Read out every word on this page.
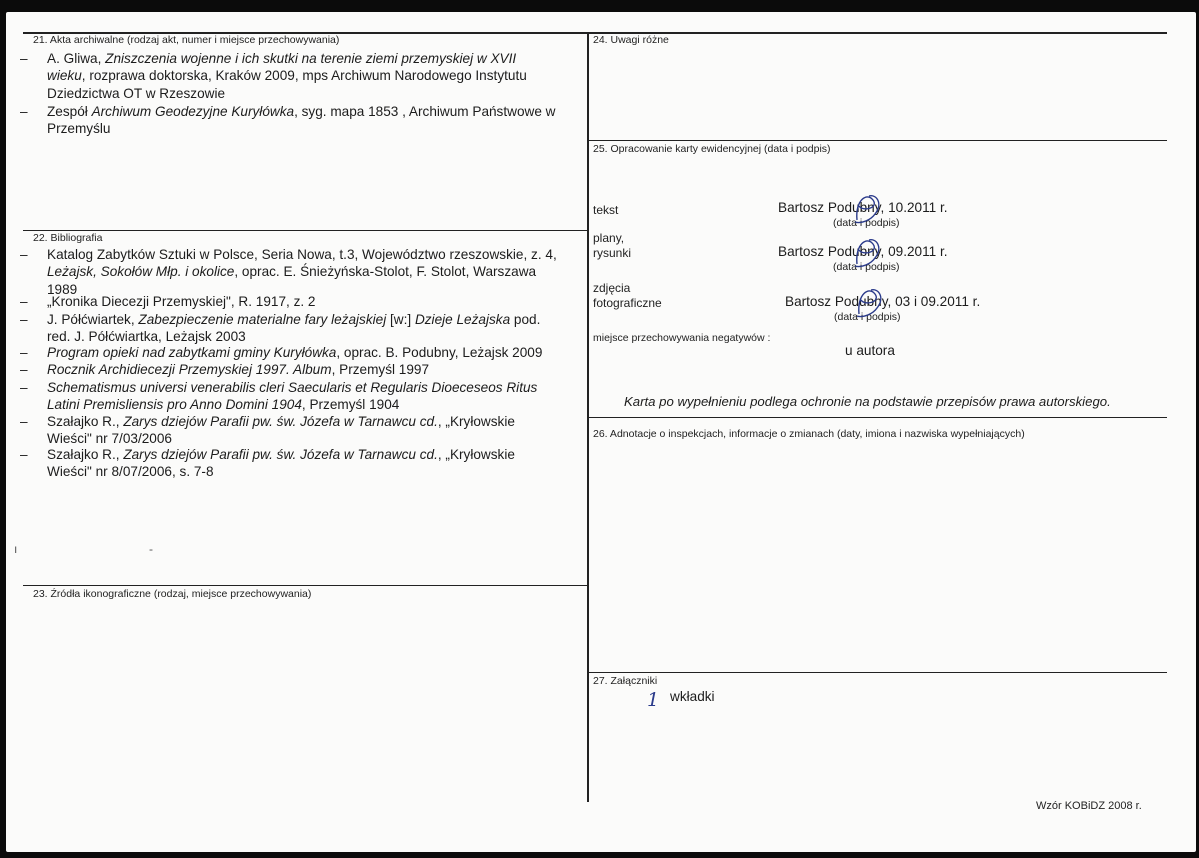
21. Akta archiwalne (rodzaj akt, numer i miejsce przechowywania)
– A. Gliwa, Zniszczenia wojenne i ich skutki na terenie ziemi przemyskiej w XVII

wieku, rozprawa doktorska, Kraków 2009, mps Archiwum Narodowego Instytutu

Dziedzictwa OT w Rzeszowie

– Zespół Archiwum Geodezyjne Kuryłówka, syg. mapa 1853 , Archiwum Państwowe w

Przemyślu

22. Bibliografia
– Katalog Zabytków Sztuki w Polsce, Seria Nowa, t.3, Województwo rzeszowskie, z. 4,

Leżajsk, Sokołów Młp. i okolice, oprac. E. Śnieżyńska-Stolot, F. Stolot, Warszawa

1989

– „Kronika Diecezji Przemyskiej", R. 1917, z. 2

– J. Półćwiartek, Zabezpieczenie materialne fary leżajskiej [w:] Dzieje Leżajska pod.

red. J. Półćwiartka, Leżajsk 2003

– Program opieki nad zabytkami gminy Kuryłówka, oprac. B. Podubny, Leżajsk 2009

– Rocznik Archidiecezji Przemyskiej 1997. Album, Przemyśl 1997

– Schematismus universi venerabilis cleri Saecularis et Regularis Dioeceseos Ritus

Latini Premisliensis pro Anno Domini 1904, Przemyśl 1904

– Szałajko R., Zarys dziejów Parafii pw. św. Józefa w Tarnawcu cd., „Kryłowskie

Wieści" nr 7/03/2006

– Szałajko R., Zarys dziejów Parafii pw. św. Józefa w Tarnawcu cd., „Kryłowskie

Wieści" nr 8/07/2006, s. 7-8

ı	-
23. Źródła ikonograficzne (rodzaj, miejsce przechowywania)
24. Uwagi różne
25. Opracowanie karty ewidencyjnej (data i podpis)
tekst	Bartosz Podubny, 10.2011 r.
(data i podpis)
plany,
rysunki	Bartosz Podubny, 09.2011 r.
(data i podpis)
zdjęcia
fotograficzne	Bartosz Podubny, 03 i 09.2011 r.
(data i podpis)
miejsce przechowywania negatywów :
u autora
Karta po wypełnieniu podlega ochronie na podstawie przepisów prawa autorskiego.
26. Adnotacje o inspekcjach, informacje o zmianach (daty, imiona i nazwiska wypełniających)
27. Załączniki
1 wkładki
Wzór KOBiDZ 2008 r.
